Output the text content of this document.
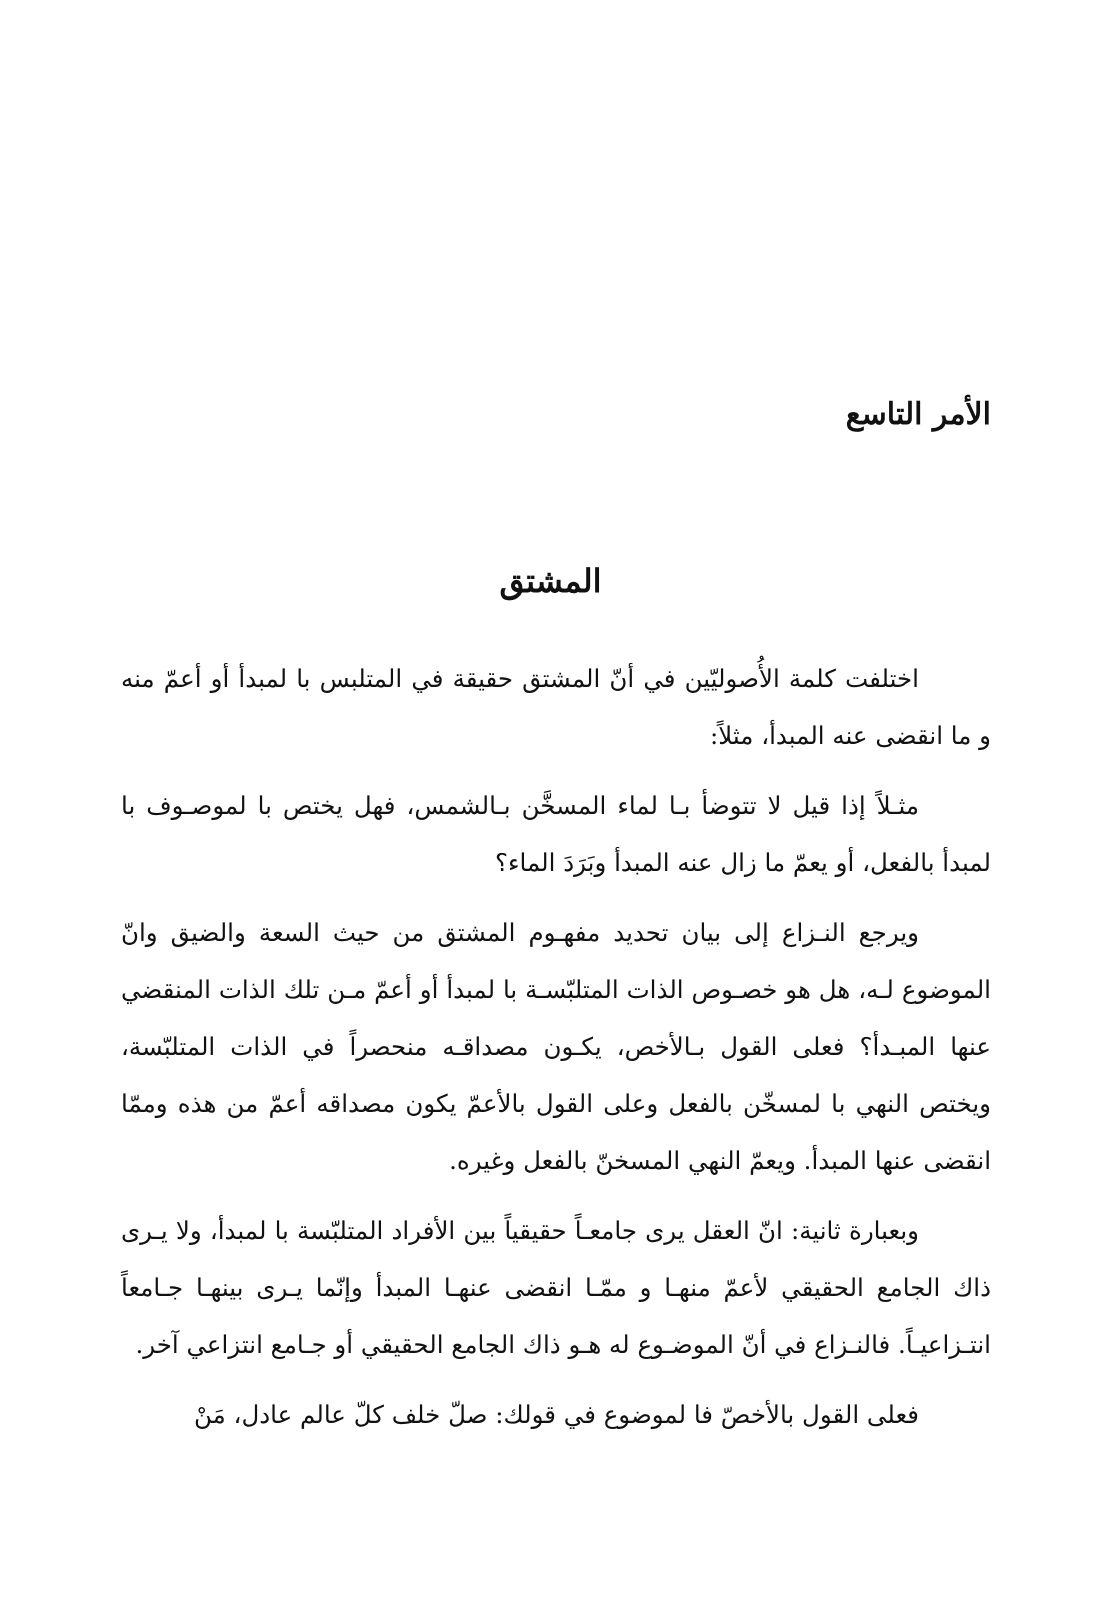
الأمر التاسع
المشتق

اختلفت كلمة الأُصوليّين في أنّ المشتق حقيقة في المتلبس با لمبدأ أو أعمّ منه و ما انقضى عنه المبدأ، مثلاً:

مثـلاً إذا قيل لا تتوضأ بـا لماء المسخَّن بـالشمس، فهل يختص با لموصـوف با لمبدأ بالفعل، أو يعمّ ما زال عنه المبدأ وبَرَدَ الماء؟

ويرجع النـزاع إلى بيان تحديد مفهـوم المشتق من حيث السعة والضيق وانّ الموضوع لـه، هل هو خصـوص الذات المتلبّسـة با لمبدأ أو أعمّ مـن تلك الذات المنقضي عنها المبـدأ؟ فعلى القول بـالأخص، يكـون مصداقـه منحصراً في الذات المتلبّسة، ويختص النهي با لمسخّن بالفعل وعلى القول بالأعمّ يكون مصداقه أعمّ من هذه وممّا انقضى عنها المبدأ. ويعمّ النهي المسخنّ بالفعل وغيره.

وبعبارة ثانية: انّ العقل يرى جامعـاً حقيقياً بين الأفراد المتلبّسة با لمبدأ، ولا يـرى ذاك الجامع الحقيقي لأعمّ منهـا و ممّـا انقضى عنهـا المبدأ وإنّما يـرى بينهـا جـامعاً انتـزاعيـاً. فالنـزاع في أنّ الموضـوع له هـو ذاك الجامع الحقيقي أو جـامع انتزاعي آخر.

فعلى القول بالأخصّ فا لموضوع في قولك: صلّ خلف كلّ عالم عادل، مَنْ
